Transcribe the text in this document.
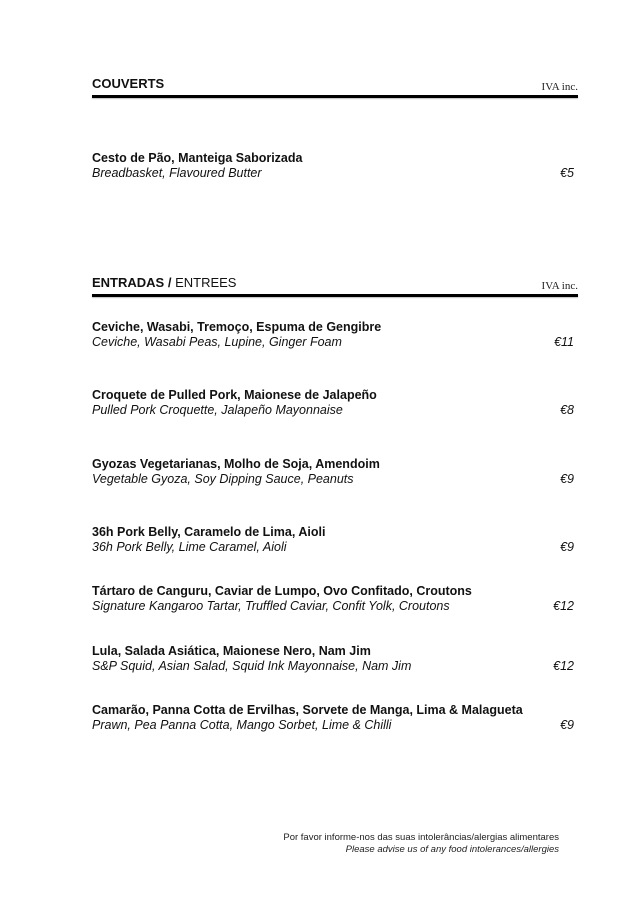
COUVERTS	IVA inc.
Cesto de Pão, Manteiga Saborizada
Breadbasket, Flavoured Butter	€5
ENTRADAS / ENTREES	IVA inc.
Ceviche, Wasabi, Tremoço, Espuma de Gengibre
Ceviche, Wasabi Peas, Lupine, Ginger Foam	€11
Croquete de Pulled Pork, Maionese de Jalapeño
Pulled Pork Croquette, Jalapeño Mayonnaise	€8
Gyozas Vegetarianas, Molho de Soja, Amendoim
Vegetable Gyoza, Soy Dipping Sauce, Peanuts	€9
36h Pork Belly, Caramelo de Lima, Aioli
36h Pork Belly, Lime Caramel, Aioli	€9
Tártaro de Canguru, Caviar de Lumpo, Ovo Confitado, Croutons
Signature Kangaroo Tartar, Truffled Caviar, Confit Yolk, Croutons	€12
Lula, Salada Asiática, Maionese Nero, Nam Jim
S&P Squid, Asian Salad, Squid Ink Mayonnaise, Nam Jim	€12
Camarão, Panna Cotta de Ervilhas, Sorvete de Manga, Lima & Malagueta
Prawn, Pea Panna Cotta, Mango Sorbet, Lime & Chilli	€9
Por favor informe-nos das suas intolerâncias/alergias alimentares
Please advise us of any food intolerances/allergies
